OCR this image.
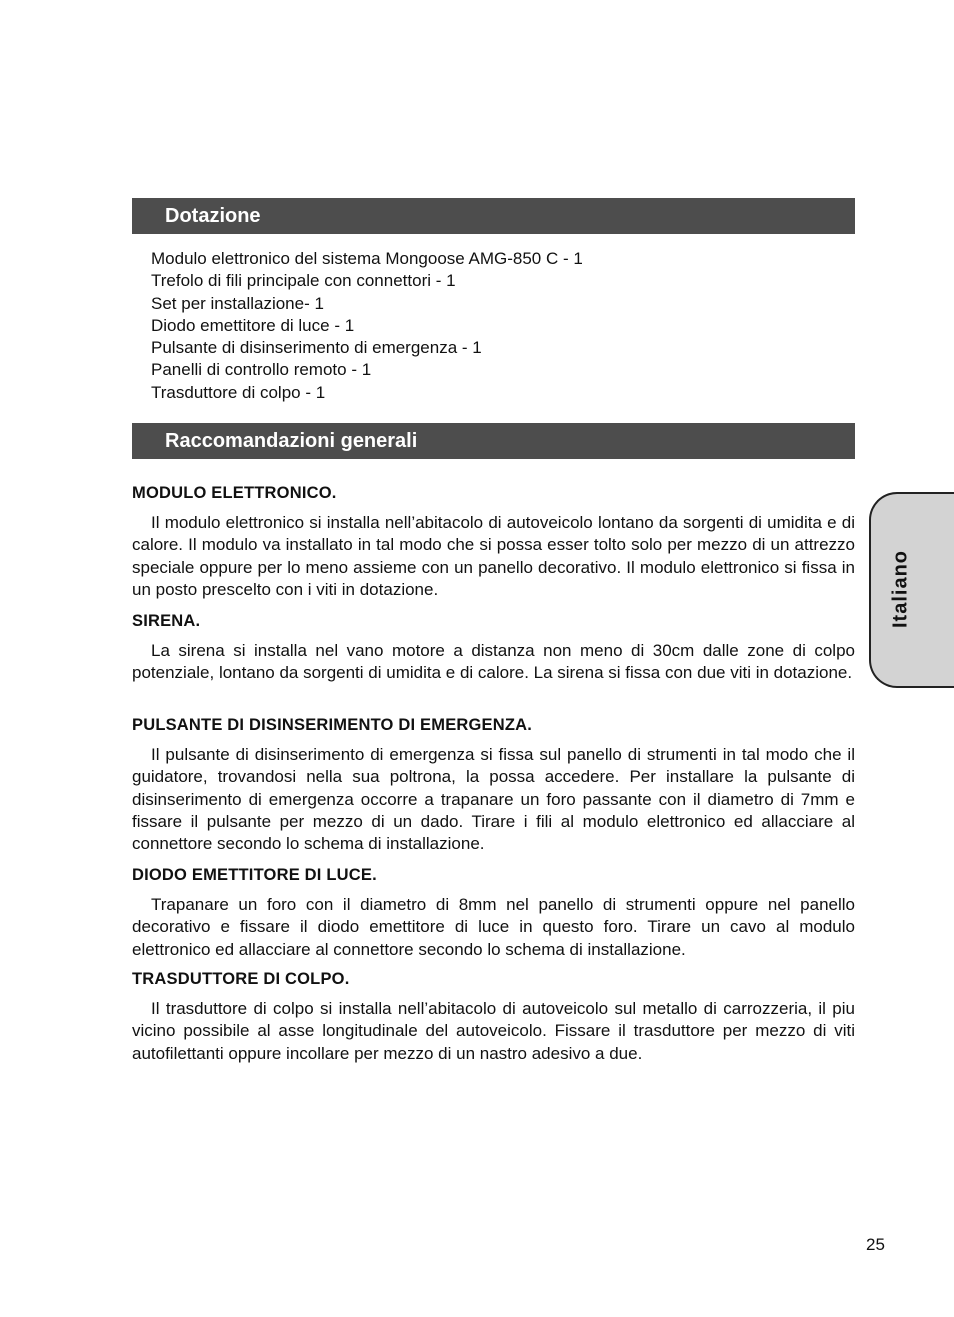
Dotazione
Modulo elettronico del sistema Mongoose AMG-850 C - 1
Trefolo di fili principale con connettori - 1
Set per installazione- 1
Diodo emettitore di luce - 1
Pulsante di disinserimento di emergenza - 1
Panelli di controllo remoto - 1
Trasduttore di colpo - 1
Raccomandazioni generali

MODULO ELETTRONICO.

Il modulo elettronico si installa nell’abitacolo di autoveicolo lontano da sorgenti di umidita e di calore. Il modulo va installato in tal modo che si possa esser tolto solo per mezzo di un attrezzo speciale oppure per lo meno assieme con un panello decorativo. Il modulo elettronico si fissa in un posto prescelto con i viti in dotazione.

SIRENA.

La sirena si installa nel vano motore a distanza non meno di 30cm dalle zone di colpo potenziale, lontano da sorgenti di umidita e di calore. La sirena si fissa con due viti in dotazione.

PULSANTE DI DISINSERIMENTO DI EMERGENZA.

Il pulsante di disinserimento di emergenza si fissa sul panello di strumenti in tal modo che il guidatore, trovandosi nella sua poltrona, la possa accedere. Per installare la pulsante di disinserimento di emergenza occorre a trapanare un foro passante con il diametro di 7mm e fissare il pulsante per mezzo di un dado. Tirare i fili al modulo elettronico ed allacciare al connettore secondo lo schema di installazione.

DIODO EMETTITORE DI LUCE.

Trapanare un foro con il diametro di 8mm nel panello di strumenti oppure nel panello decorativo e fissare il diodo emettitore di luce in questo foro. Tirare un cavo al modulo elettronico ed allacciare al connettore secondo lo schema di installazione.

TRASDUTTORE DI COLPO.

Il trasduttore di colpo si installa nell’abitacolo di autoveicolo sul metallo di carrozzeria, il piu vicino possibile al asse longitudinale del autoveicolo. Fissare il trasduttore per mezzo di viti autofilettanti oppure incollare per mezzo di un nastro adesivo a due.

Italiano
25
